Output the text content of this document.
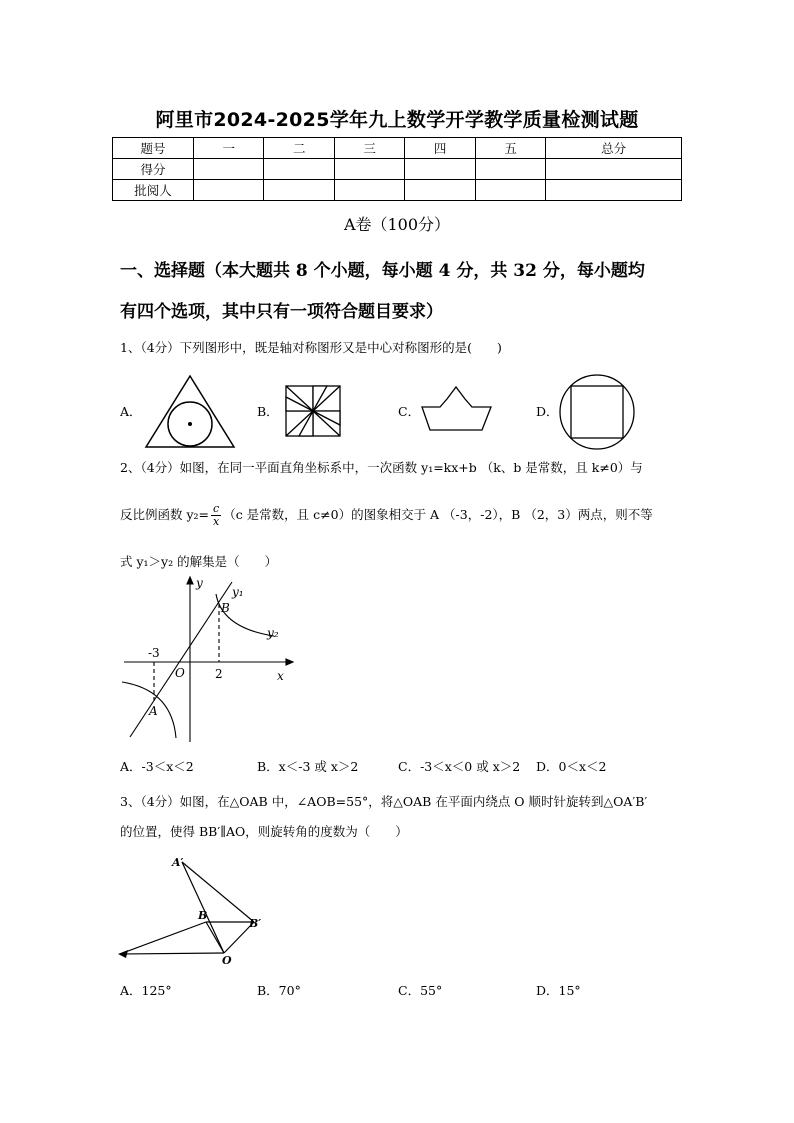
阿里市2024-2025学年九上数学开学教学质量检测试题
题号	一	二	三	四	五	总分
得分						
批阅人						
A卷（100分）
一、选择题（本大题共 8 个小题，每小题 4 分，共 32 分，每小题均
有四个选项，其中只有一项符合题目要求）
1、（4分）下列图形中，既是轴对称图形又是中心对称图形的是(　　)
A．	B．	C．	D．
2、（4分）如图，在同一平面直角坐标系中，一次函数 y₁=kx+b （k、b 是常数，且 k≠0）与
反比例函数 $y_2= \frac{c}{x} (c$ 是常数，且 c≠0）的图象相交于 A （-3，-2），B （2，3）两点，则不等
式 y₁＞y₂ 的解集是（　　）
y
x
y₁
y₂
B
A
O
-3
2
A．-3＜x＜2	B．x＜-3 或 x＞2	C．-3＜x＜0 或 x＞2 D．0＜x＜2
3、（4分）如图，在△OAB 中，∠AOB=55°，将△OAB 在平面内绕点 O 顺时针旋转到△OA′B′
的位置，使得 BB′∥AO，则旋转角的度数为（　　）
A′
B
B′
O
A．125°	B．70°	C．55°	D．15°
